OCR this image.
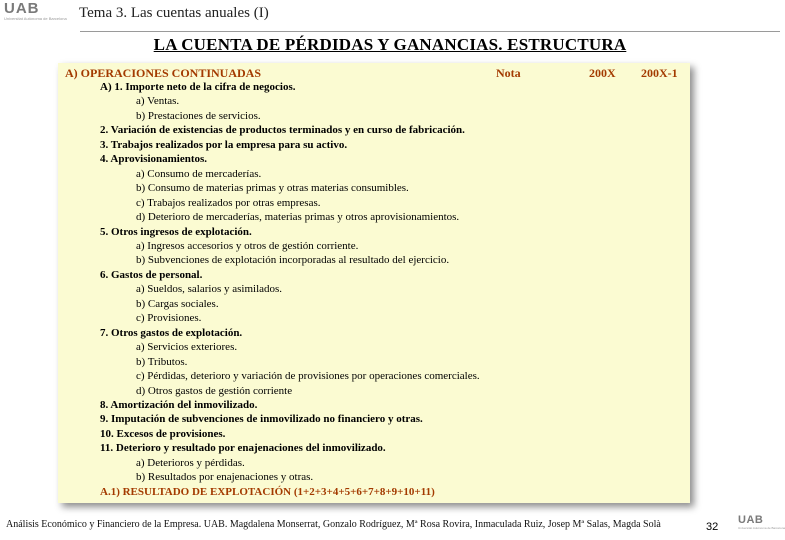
UAB
Universitat Autònoma de Barcelona Tema 3. Las cuentas anuales (I)
LA CUENTA DE PÉRDIDAS Y GANANCIAS. ESTRUCTURA
A) OPERACIONES CONTINUADAS	Nota	200X 200X-1
A) 1. Importe neto de la cifra de negocios.
a) Ventas.
b) Prestaciones de servicios.
2. Variación de existencias de productos terminados y en curso de fabricación.
3. Trabajos realizados por la empresa para su activo.
4. Aprovisionamientos.
a) Consumo de mercaderías.
b) Consumo de materias primas y otras materias consumibles.
c) Trabajos realizados por otras empresas.
d) Deterioro de mercaderías, materias primas y otros aprovisionamientos.
5. Otros ingresos de explotación.
a) Ingresos accesorios y otros de gestión corriente.
b) Subvenciones de explotación incorporadas al resultado del ejercicio.
6. Gastos de personal.
a) Sueldos, salarios y asimilados.
b) Cargas sociales.
c) Provisiones.
7. Otros gastos de explotación.
a) Servicios exteriores.
b) Tributos.
c) Pérdidas, deterioro y variación de provisiones por operaciones comerciales.
d) Otros gastos de gestión corriente
8. Amortización del inmovilizado.
9. Imputación de subvenciones de inmovilizado no financiero y otras.
10. Excesos de provisiones.
11. Deterioro y resultado por enajenaciones del inmovilizado.
a) Deterioros y pérdidas.
b) Resultados por enajenaciones y otras.
A.1) RESULTADO DE EXPLOTACIÓN (1+2+3+4+5+6+7+8+9+10+11)
Análisis Económico y Financiero de la Empresa. UAB. Magdalena Monserrat, Gonzalo Rodríguez, Mª Rosa Rovira, Inmaculada Ruiz, Josep Mª Salas, Magda Solà	32
UAB
Universitat Autònoma de Barcelona
